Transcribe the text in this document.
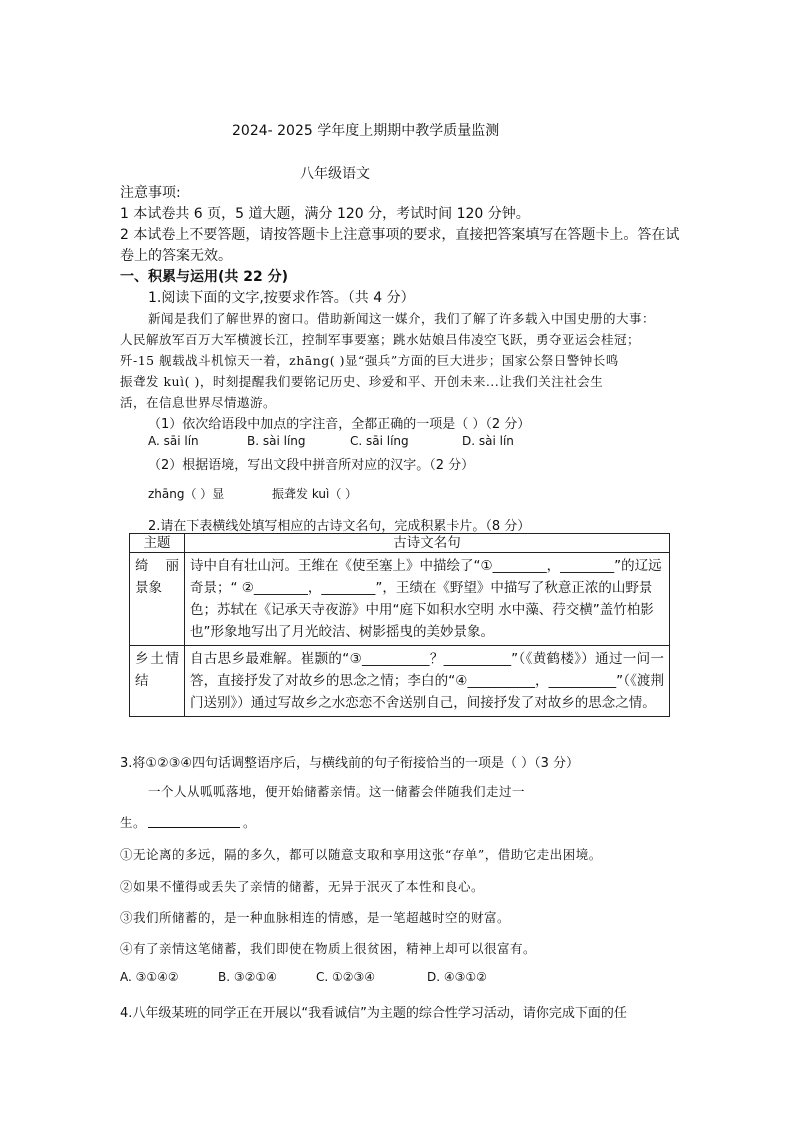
2024- 2025 学年度上期期中教学质量监测
八年级语文
注意事项:
1 本试卷共 6 页，5 道大题，满分 120 分，考试时间 120 分钟。
2 本试卷上不要答题，请按答题卡上注意事项的要求，直接把答案填写在答题卡上。答在试
卷上的答案无效。
一、积累与运用(共 22 分)
1.阅读下面的文字,按要求作答。（共 4 分）
新闻是我们了解世界的窗口。借助新闻这一媒介，我们了解了许多载入中国史册的大事：
人民解放军百万大军横渡长江，控制军事要塞；跳水姑娘吕伟凌空飞跃，勇夺亚运会桂冠；
歼-15 舰载战斗机惊天一着，zhāng( )显“强兵”方面的巨大进步；国家公祭日警钟长鸣
振聋发 kuì( )，时刻提醒我们要铭记历史、珍爱和平、开创未来...让我们关注社会生
活，在信息世界尽情遨游。
（1）依次给语段中加点的字注音，全都正确的一项是（ ）（2 分）
A. sāi lín	B. sài líng	C. sāi líng	D. sài lín
（2）根据语境，写出文段中拼音所对应的汉字。（2 分）
zhāng（ ）显	振聋发 kuì（ ）
2.请在下表横线处填写相应的古诗文名句，完成积累卡片。（8 分）
主题	古诗文名句
绮 丽景象	诗中自有壮山河。王维在《使至塞上》中描绘了“①________，________”的辽远奇景；“ ②________，________”，王绩在《野望》中描写了秋意正浓的山野景色；苏轼在《记承天寺夜游》中用“庭下如积水空明 水中藻、荇交横”盖竹柏影也”形象地写出了月光皎洁、树影摇曳的美妙景象。
乡土情结	自古思乡最难解。崔颢的“③__________？__________”（《黄鹤楼》）通过一问一答，直接抒发了对故乡的思念之情；李白的“④__________，__________”（《渡荆门送别》）通过写故乡之水恋恋不舍送别自己，间接抒发了对故乡的思念之情。
3.将①②③④四句话调整语序后，与横线前的句子衔接恰当的一项是（ ）（3 分）
一个人从呱呱落地，便开始储蓄亲情。这一储蓄会伴随我们走过一
生。	。
①无论离的多远，隔的多久，都可以随意支取和享用这张“存单”，借助它走出困境。
②如果不懂得或丢失了亲情的储蓄，无异于泯灭了本性和良心。
③我们所储蓄的，是一种血脉相连的情感，是一笔超越时空的财富。
④有了亲情这笔储蓄，我们即使在物质上很贫困，精神上却可以很富有。
A. ③①④②	B. ③②①④	C. ①②③④	D. ④③①②
4.八年级某班的同学正在开展以“我看诚信”为主题的综合性学习活动，请你完成下面的任
